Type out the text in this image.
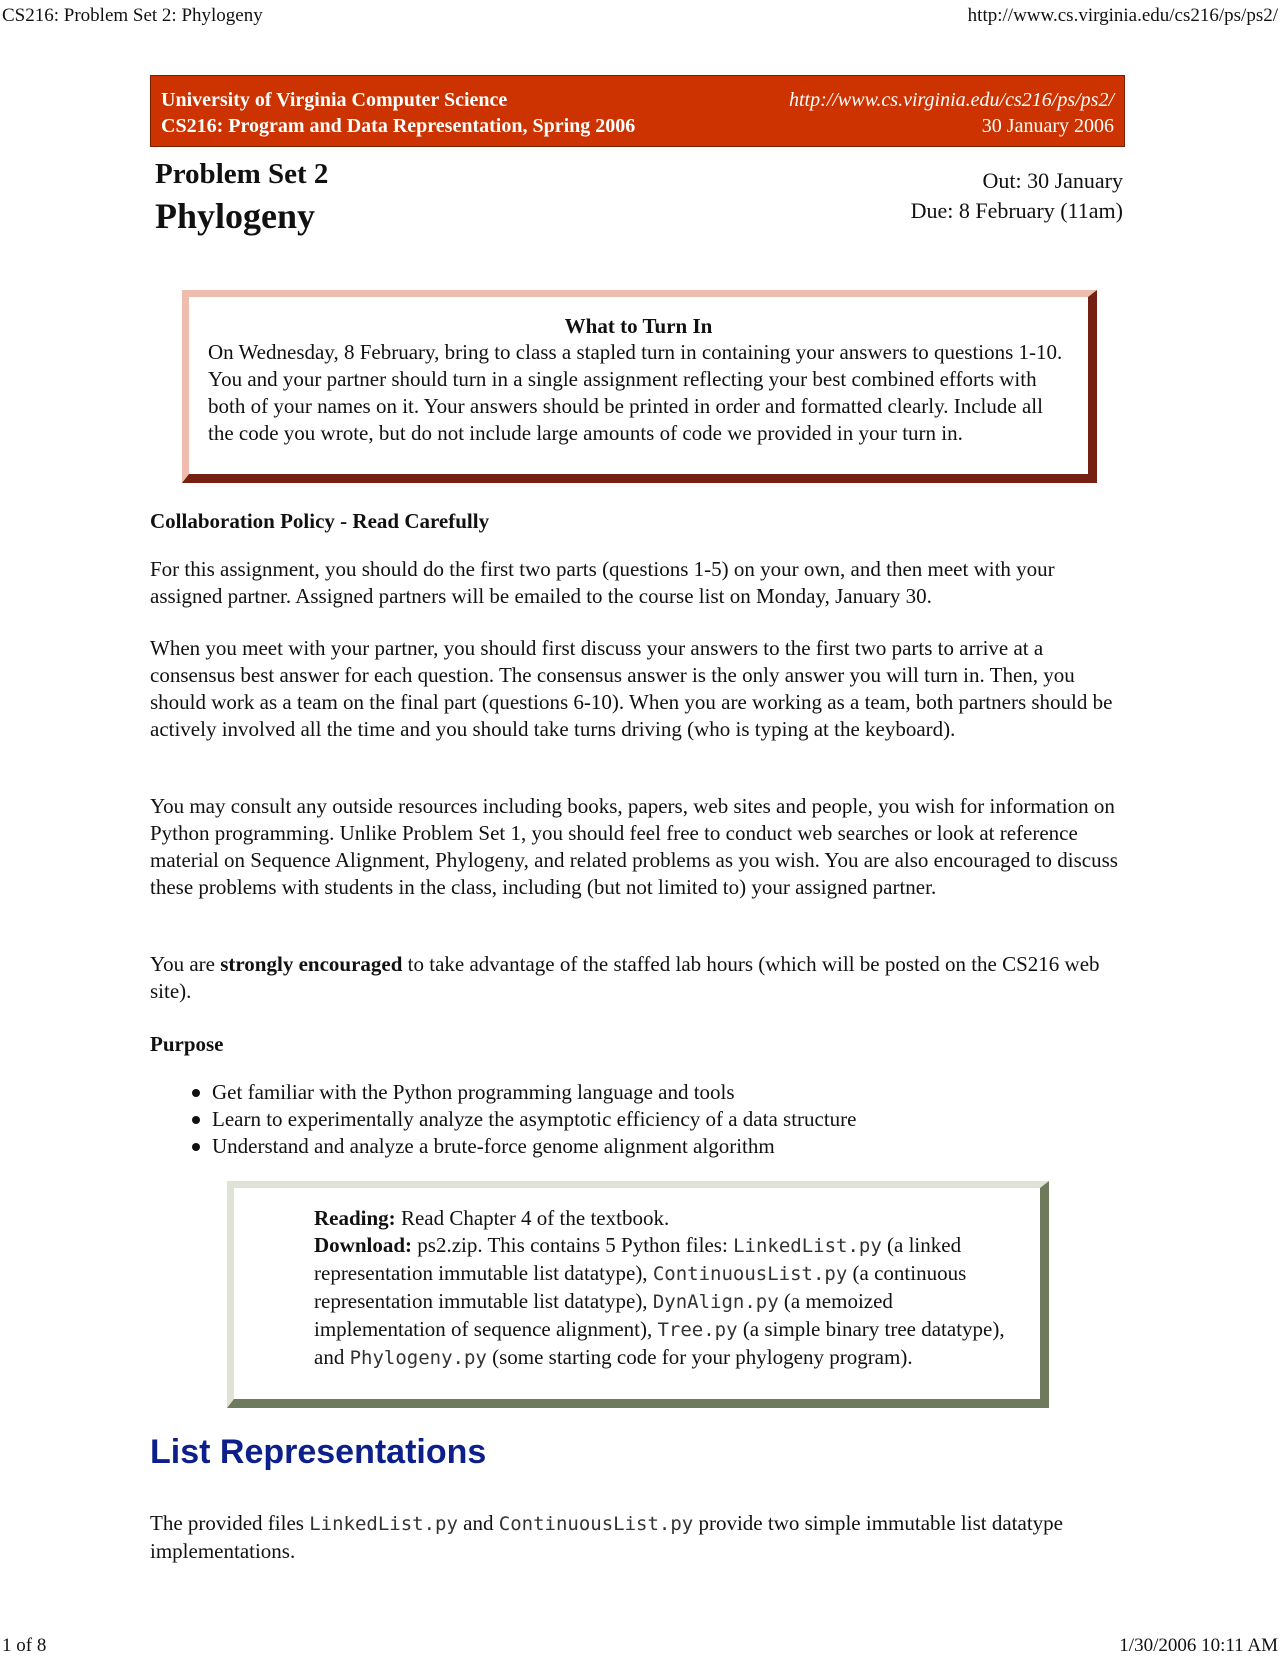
CS216: Problem Set 2: Phylogeny	http://www.cs.virginia.edu/cs216/ps/ps2/
University of Virginia Computer Science
CS216: Program and Data Representation, Spring 2006
http://www.cs.virginia.edu/cs216/ps/ps2/
30 January 2006
Problem Set 2
Phylogeny
Out: 30 January
Due: 8 February (11am)
What to Turn In
On Wednesday, 8 February, bring to class a stapled turn in containing your answers to questions 1-10. You and your partner should turn in a single assignment reflecting your best combined efforts with both of your names on it. Your answers should be printed in order and formatted clearly. Include all the code you wrote, but do not include large amounts of code we provided in your turn in.
Collaboration Policy - Read Carefully

For this assignment, you should do the first two parts (questions 1-5) on your own, and then meet with your assigned partner. Assigned partners will be emailed to the course list on Monday, January 30.

When you meet with your partner, you should first discuss your answers to the first two parts to arrive at a consensus best answer for each question. The consensus answer is the only answer you will turn in. Then, you should work as a team on the final part (questions 6-10). When you are working as a team, both partners should be actively involved all the time and you should take turns driving (who is typing at the keyboard).

You may consult any outside resources including books, papers, web sites and people, you wish for information on Python programming. Unlike Problem Set 1, you should feel free to conduct web searches or look at reference material on Sequence Alignment, Phylogeny, and related problems as you wish. You are also encouraged to discuss these problems with students in the class, including (but not limited to) your assigned partner.

You are strongly encouraged to take advantage of the staffed lab hours (which will be posted on the CS216 web site).

Purpose
Get familiar with the Python programming language and tools
Learn to experimentally analyze the asymptotic efficiency of a data structure
Understand and analyze a brute-force genome alignment algorithm
Reading: Read Chapter 4 of the textbook.
Download: ps2.zip. This contains 5 Python files: LinkedList.py (a linked representation immutable list datatype), ContinuousList.py (a continuous representation immutable list datatype), DynAlign.py (a memoized implementation of sequence alignment), Tree.py (a simple binary tree datatype), and Phylogeny.py (some starting code for your phylogeny program).
List Representations

The provided files LinkedList.py and ContinuousList.py provide two simple immutable list datatype implementations.

1 of 8	1/30/2006 10:11 AM
